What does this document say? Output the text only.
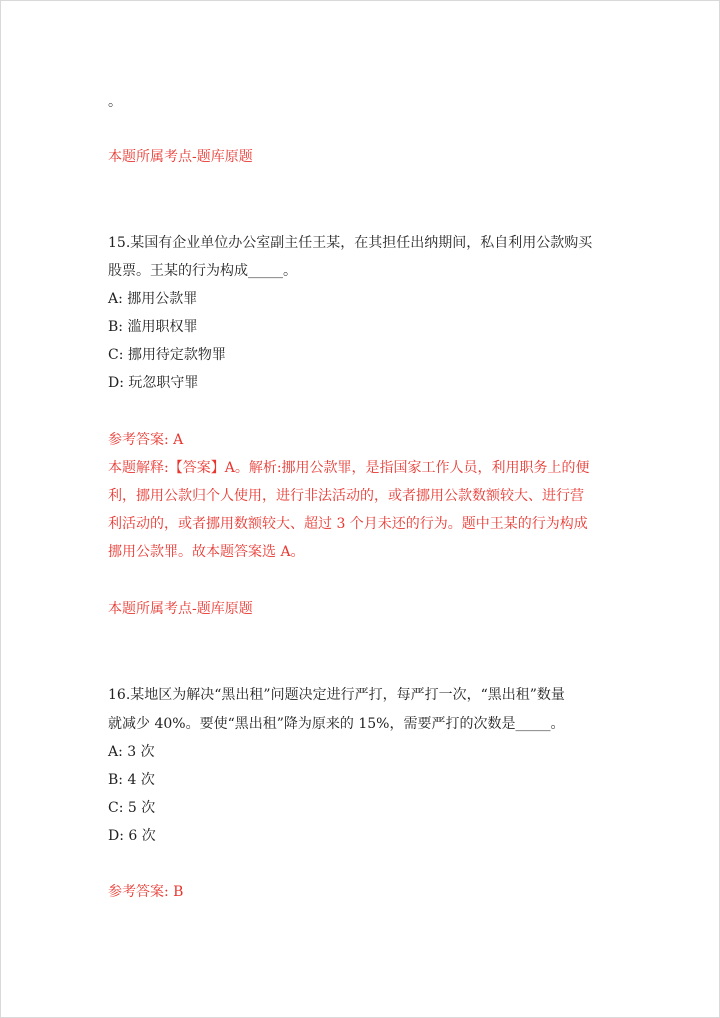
。
本题所属考点-题库原题
15.某国有企业单位办公室副主任王某，在其担任出纳期间，私自利用公款购买
股票。王某的行为构成_____。
A: 挪用公款罪
B: 滥用职权罪
C: 挪用待定款物罪
D: 玩忽职守罪
参考答案: A
本题解释:【答案】A。解析:挪用公款罪，是指国家工作人员，利用职务上的便
利，挪用公款归个人使用，进行非法活动的，或者挪用公款数额较大、进行营
利活动的，或者挪用数额较大、超过 3 个月未还的行为。题中王某的行为构成
挪用公款罪。故本题答案选 A。
本题所属考点-题库原题
16.某地区为解决“黑出租”问题决定进行严打，每严打一次，“黑出租”数量
就减少 40%。要使“黑出租”降为原来的 15%，需要严打的次数是_____。
A: 3 次
B: 4 次
C: 5 次
D: 6 次
参考答案: B
